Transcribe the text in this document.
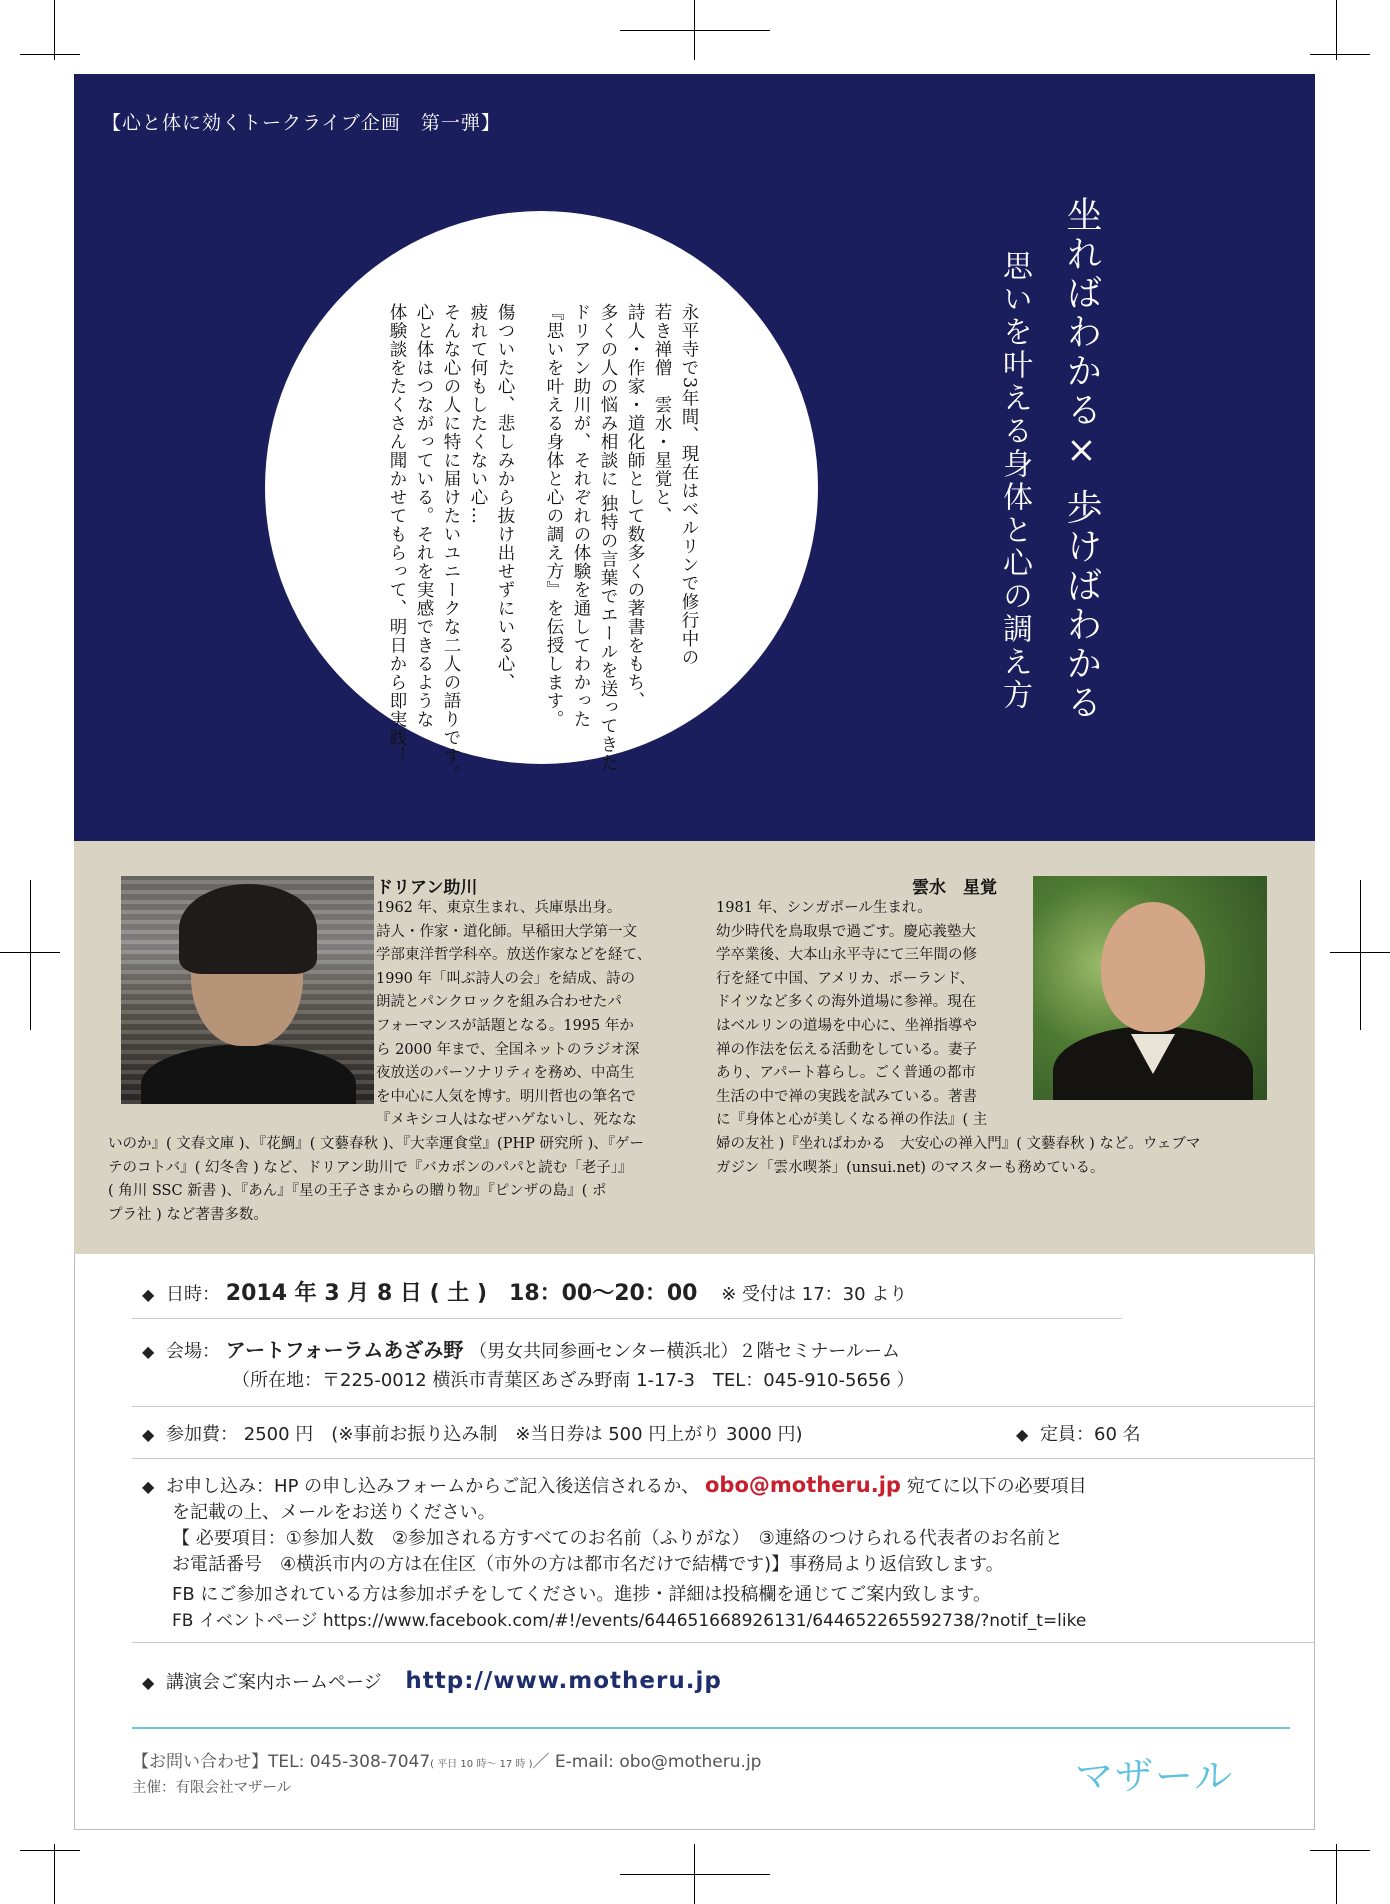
【心と体に効くトークライブ企画　第一弾】
永平寺で3年間、現在はベルリンで修行中の
若き禅僧　雲水・星覚と、
詩人・作家・道化師として数多くの著書をもち、
多くの人の悩み相談に 独特の言葉でエールを送ってきた
ドリアン助川が、それぞれの体験を通してわかった
『思いを叶える身体と心の調え方』を伝授します。
傷ついた心、悲しみから抜け出せずにいる心、
疲れて何もしたくない心…
そんな心の人に特に届けたいユニークな二人の語りです。
心と体はつながっている。それを実感できるような
体験談をたくさん聞かせてもらって、明日から即実践！	坐ればわかる× 歩けばわかる
思いを叶える身体と心の調え方
ドリアン助川
1962 年、東京生まれ、兵庫県出身。
詩人・作家・道化師。早稲田大学第一文
学部東洋哲学科卒。放送作家などを経て、
1990 年「叫ぶ詩人の会」を結成、詩の
朗読とパンクロックを組み合わせたパ
フォーマンスが話題となる。1995 年か
ら 2000 年まで、全国ネットのラジオ深
夜放送のパーソナリティを務め、中高生
を中心に人気を博す。明川哲也の筆名で
『メキシコ人はなぜハゲないし、死なな
いのか』( 文春文庫 )、『花鯛』( 文藝春秋 )、『大幸運食堂』(PHP 研究所 )、『ゲー
テのコトバ』( 幻冬舎 ) など、ドリアン助川で『バカボンのパパと読む「老子」』
( 角川 SSC 新書 )、『あん』『星の王子さまからの贈り物』『ピンザの島』( ポ
プラ社 ) など著書多数。
雲水　星覚
1981 年、シンガポール生まれ。
幼少時代を鳥取県で過ごす。慶応義塾大
学卒業後、大本山永平寺にて三年間の修
行を経て中国、アメリカ、ポーランド、
ドイツなど多くの海外道場に参禅。現在
はベルリンの道場を中心に、坐禅指導や
禅の作法を伝える活動をしている。妻子
あり、アパート暮らし。ごく普通の都市
生活の中で禅の実践を試みている。著書
に『身体と心が美しくなる禅の作法』( 主
婦の友社 )『坐ればわかる　大安心の禅入門』( 文藝春秋 ) など。ウェブマ
ガジン「雲水喫茶」(unsui.net) のマスターも務めている。
◆ 日時： 2014 年 3 月 8 日 ( 土 )　18：00〜20：00 ※ 受付は 17：30 より
◆ 会場： アートフォーラムあざみ野 （男女共同参画センター横浜北）２階セミナールーム
（所在地：〒225-0012 横浜市青葉区あざみ野南 1-17-3　TEL：045-910-5656 ）
◆ 参加費： 2500 円　(※事前お振り込み制　※当日券は 500 円上がり 3000 円)	◆ 定員：60 名
◆ お申し込み：HP の申し込みフォームからご記入後送信されるか、 obo@motheru.jp 宛てに以下の必要項目
を記載の上、メールをお送りください。
【 必要項目：①参加人数　②参加される方すべてのお名前（ふりがな）　③連絡のつけられる代表者のお名前と
お電話番号　④横浜市内の方は在住区（市外の方は都市名だけで結構です)】事務局より返信致します。
FB にご参加されている方は参加ボチをしてください。進捗・詳細は投稿欄を通じてご案内致します。
FB イベントページ https://www.facebook.com/#!/events/644651668926131/644652265592738/?notif_t=like
◆ 講演会ご案内ホームページ http://www.motheru.jp
【お問い合わせ】TEL: 045-308-7047( 平日 10 時〜 17 時 )／ E-mail: obo@motheru.jp
主催：有限会社マザール	マザール
